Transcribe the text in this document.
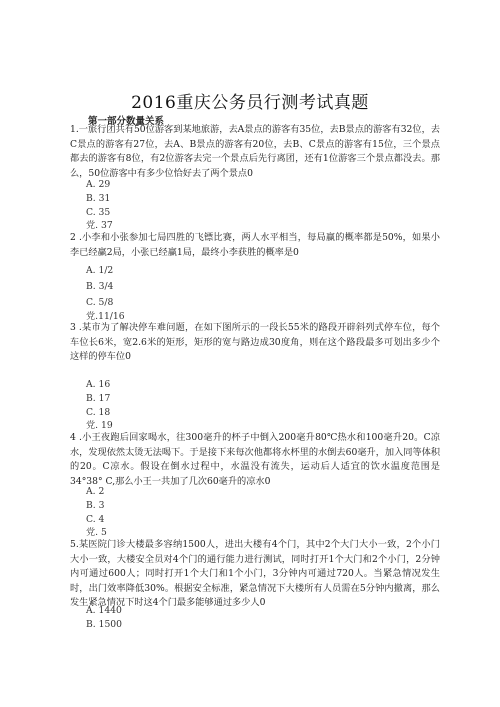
2016重庆公务员行测考试真题
第一部分数量关系
1.一旅行团共有50位游客到某地旅游，去A景点的游客有35位，去B景点的游客有32位，去C景点的游客有27位，去A、B景点的游客有20位，去B、C景点的游客有15位，三个景点都去的游客有8位，有2位游客去完一个景点后先行离团，还有1位游客三个景点都没去。那么，50位游客中有多少位恰好去了两个景点0
A. 29
B. 31
C. 35
党. 37
2 .小李和小张参加七局四胜的飞镖比赛，两人水平相当，每局赢的概率都是50%，如果小李已经赢2局，小张已经赢1局，最终小李获胜的概率是0
A. 1/2
B. 3/4
C. 5/8
党.11/16
3 .某市为了解决停车难问题，在如下图所示的一段长55米的路段开辟斜列式停车位，每个车位长6米，宽2.6米的矩形，矩形的宽与路边成30度角，则在这个路段最多可划出多少个这样的停车位0
A. 16
B. 17
C. 18
党. 19
4 .小王夜跑后回家喝水，往300毫升的杯子中倒入200毫升80℃热水和100毫升20。C凉水，发现依然太烫无法喝下。于是接下来每次他都将水杯里的水倒去60毫升，加入同等体积的20。C凉水。假设在倒水过程中，水温没有流失，运动后人适宜的饮水温度范围是34°38° C,那么小王一共加了几次60毫升的凉水0
A. 2
B. 3
C. 4
党. 5
5.某医院门诊大楼最多容纳1500人，进出大楼有4个门，其中2个大门大小一致，2个小门大小一致，大楼安全员对4个门的通行能力进行测试，同时打开1个大门和2个小门，2分钟内可通过600人；同时打开1个大门和1个小门，3分钟内可通过720人。当紧急情况发生时，出门效率降低30%。根据安全标准，紧急情况下大楼所有人员需在5分钟内撤离，那么发生紧急情况下时这4个门最多能够通过多少人0
A. 1440
B. 1500
